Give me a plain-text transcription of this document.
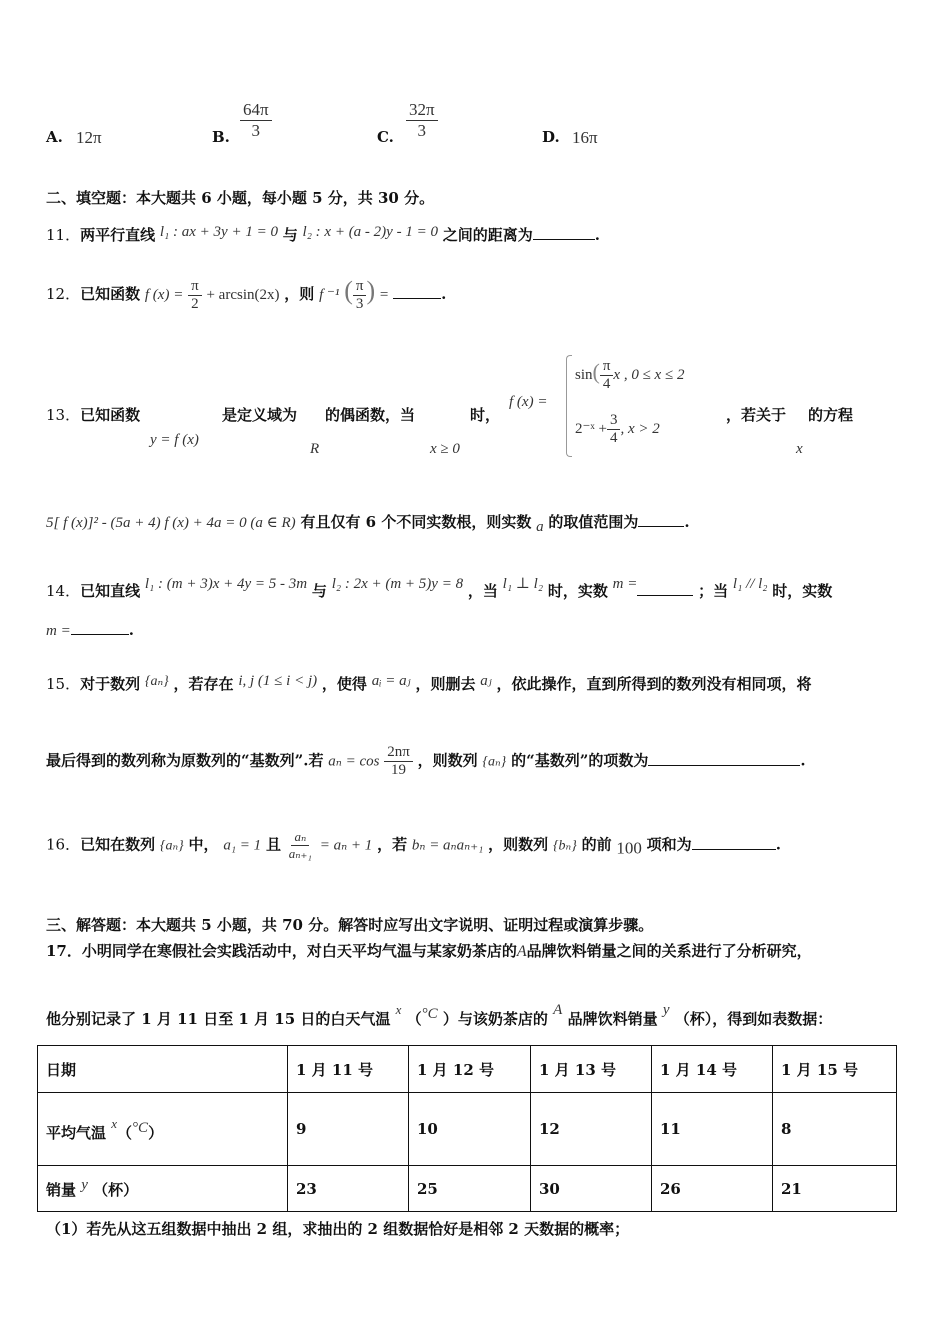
A. 12π	B. $\frac{64\pi}{3}$	C. $\frac{32\pi}{3}$	D. 16π
二、填空题：本大题共 6 小题，每小题 5 分，共 30 分。
11．两平行直线 l₁ : ax + 3y + 1 = 0 与 l₂ : x + (a - 2)y - 1 = 0 之间的距离为	.
12．已知函数 f $(x) = \frac{\pi}{2} + \arcsin(2x)$ ，则 f ⁻¹ ( $\frac{\pi}{3}$ ) =	.
13．已知函数
y = f (x)
是定义域为
R
的偶函数，当
x ≥ 0
时，
f (x) =
$\sin( \frac{\pi}{4}$ x , 0 ≤ x ≤ 2
2⁻ˣ + $\frac{3}{4}$ , x > 2
，若关于
x
的方程
5[ f (x)]² - (5a + 4) f (x) + 4a = 0 (a ∈ R) 有且仅有 6 个不同实数根，则实数 a 的取值范围为	.
14．已知直线 l₁ : (m + 3)x + 4y = 5 - 3m 与 l₂ : 2x + (m + 5)y = 8 ，当 l₁ ⊥ l₂ 时，实数 m =	；当 l₁ // l₂ 时，实数
m =	.
15．对于数列 {aₙ} ，若存在 i, j (1 ≤ i < j) ，使得 aᵢ = aⱼ ，则删去 aⱼ ，依此操作，直到所得到的数列没有相同项，将
最后得到的数列称为原数列的“基数列”.若 $a_n = \cos \frac{2n\pi}{19}$ ，则数列 {aₙ} 的“基数列”的项数为	.
16．已知在数列 {aₙ} 中， a₁ = 1 且 $\frac{\text{aₙ}}{\text{aₙ₊₁}} = a_n + 1$ ，若 bₙ = aₙaₙ₊₁ ，则数列 {bₙ} 的前 100 项和为	.
三、解答题：本大题共 5 小题，共 70 分。解答时应写出文字说明、证明过程或演算步骤。
17．小明同学在寒假社会实践活动中，对白天平均气温与某家奶茶店的A品牌饮料销量之间的关系进行了分析研究，
他分别记录了 1 月 11 日至 1 月 15 日的白天气温 x （°C ）与该奶茶店的 A 品牌饮料销量 y （杯），得到如表数据：
日期	1 月 11 号	1 月 12 号	1 月 13 号	1 月 14 号	1 月 15 号
平均气温 x（°C）	9	10	12	11	8
销量 y （杯）	23	25	30	26	21
（1）若先从这五组数据中抽出 2 组，求抽出的 2 组数据恰好是相邻 2 天数据的概率；
